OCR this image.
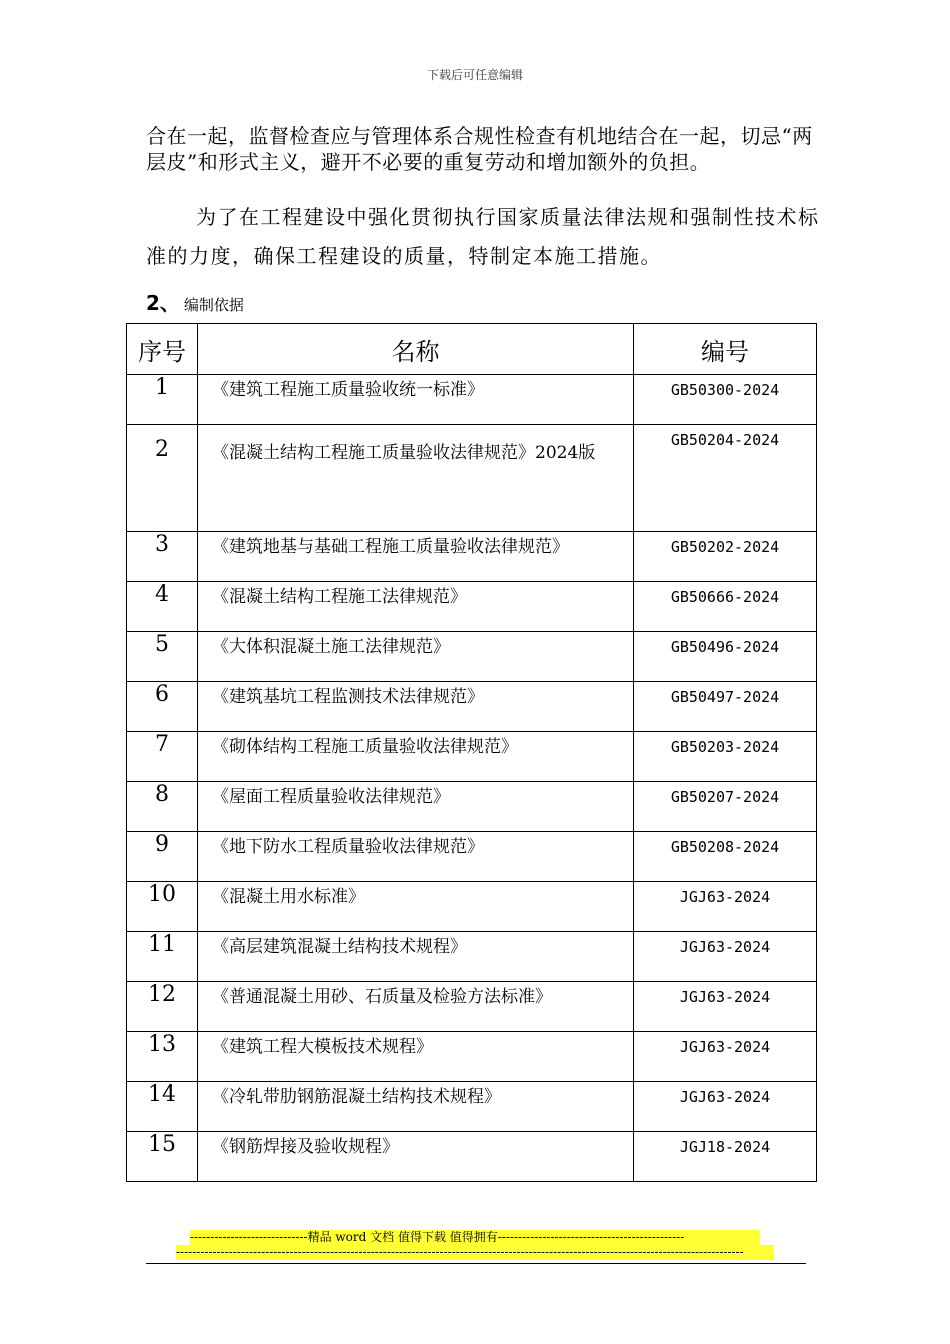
下载后可任意编辑
合在一起，监督检查应与管理体系合规性检查有机地结合在一起，切忌“两层皮”和形式主义，避开不必要的重复劳动和增加额外的负担。
为了在工程建设中强化贯彻执行国家质量法律法规和强制性技术标准的力度，确保工程建设的质量，特制定本施工措施。
2、 编制依据
序号	名称	编号
1	《建筑工程施工质量验收统一标准》	GB50300-2024
2	《混凝土结构工程施工质量验收法律规范》2024版	GB50204-2024
3	《建筑地基与基础工程施工质量验收法律规范》	GB50202-2024
4	《混凝土结构工程施工法律规范》	GB50666-2024
5	《大体积混凝土施工法律规范》	GB50496-2024
6	《建筑基坑工程监测技术法律规范》	GB50497-2024
7	《砌体结构工程施工质量验收法律规范》	GB50203-2024
8	《屋面工程质量验收法律规范》	GB50207-2024
9	《地下防水工程质量验收法律规范》	GB50208-2024
10	《混凝土用水标准》	JGJ63-2024
11	《高层建筑混凝土结构技术规程》	JGJ63-2024
12	《普通混凝土用砂、石质量及检验方法标准》	JGJ63-2024
13	《建筑工程大模板技术规程》	JGJ63-2024
14	《冷轧带肋钢筋混凝土结构技术规程》	JGJ63-2024
15	《钢筋焊接及验收规程》	JGJ18-2024
-----------------------------精品 word 文档 值得下载 值得拥有----------------------------------------------
--------------------------------------------------------------------------------------------------------------------------------------------
